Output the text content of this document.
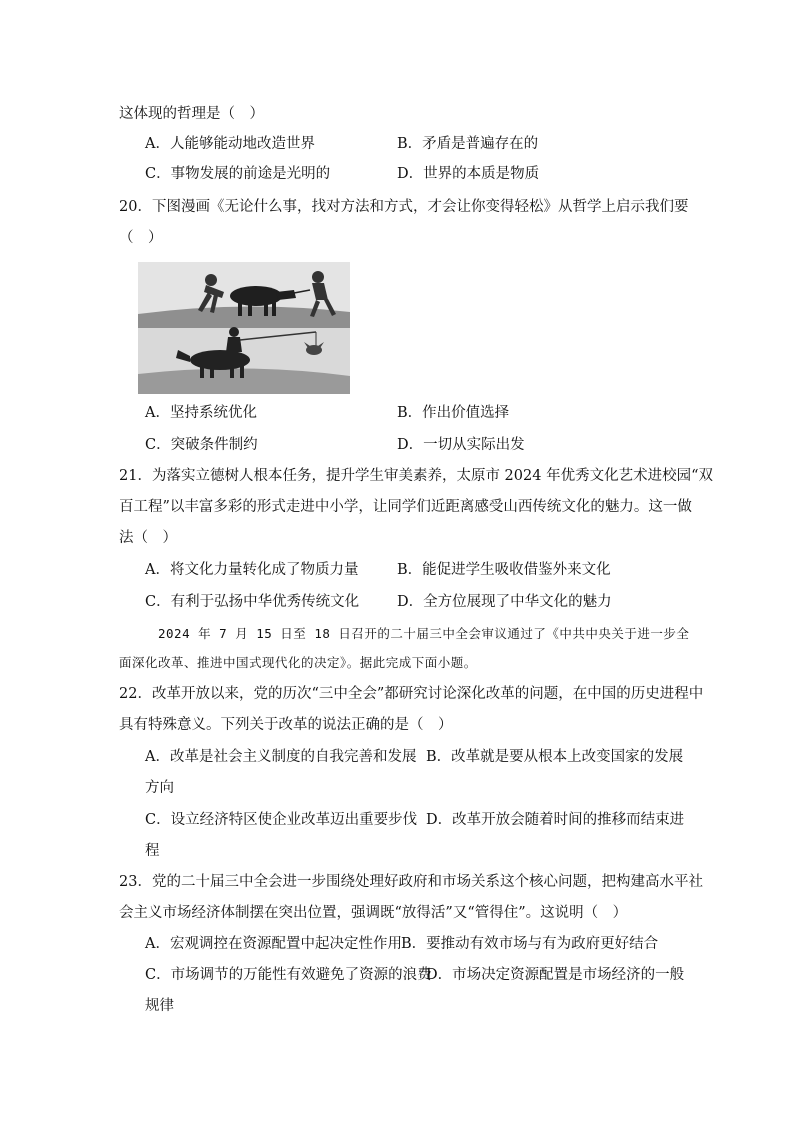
这体现的哲理是（　）
A．人能够能动地改造世界	B．矛盾是普遍存在的
C．事物发展的前途是光明的	D．世界的本质是物质
20．下图漫画《无论什么事，找对方法和方式，才会让你变得轻松》从哲学上启示我们要
（　）
A．坚持系统优化	B．作出价值选择
C．突破条件制约	D．一切从实际出发
21．为落实立德树人根本任务，提升学生审美素养，太原市 2024 年优秀文化艺术进校园“双
百工程”以丰富多彩的形式走进中小学，让同学们近距离感受山西传统文化的魅力。这一做
法（　）
A．将文化力量转化成了物质力量	B．能促进学生吸收借鉴外来文化
C．有利于弘扬中华优秀传统文化	D．全方位展现了中华文化的魅力
2024 年 7 月 15 日至 18 日召开的二十届三中全会审议通过了《中共中央关于进一步全
面深化改革、推进中国式现代化的决定》。据此完成下面小题。
22．改革开放以来，党的历次“三中全会”都研究讨论深化改革的问题，在中国的历史进程中
具有特殊意义。下列关于改革的说法正确的是（　）
A．改革是社会主义制度的自我完善和发展 B．改革就是要从根本上改变国家的发展
方向
C．设立经济特区使企业改革迈出重要步伐 D．改革开放会随着时间的推移而结束进
程
23．党的二十届三中全会进一步围绕处理好政府和市场关系这个核心问题，把构建高水平社
会主义市场经济体制摆在突出位置，强调既“放得活”又“管得住”。这说明（　）
A．宏观调控在资源配置中起决定性作用 B．要推动有效市场与有为政府更好结合
C．市场调节的万能性有效避免了资源的浪费
D．市场决定资源配置是市场经济的一般
规律
